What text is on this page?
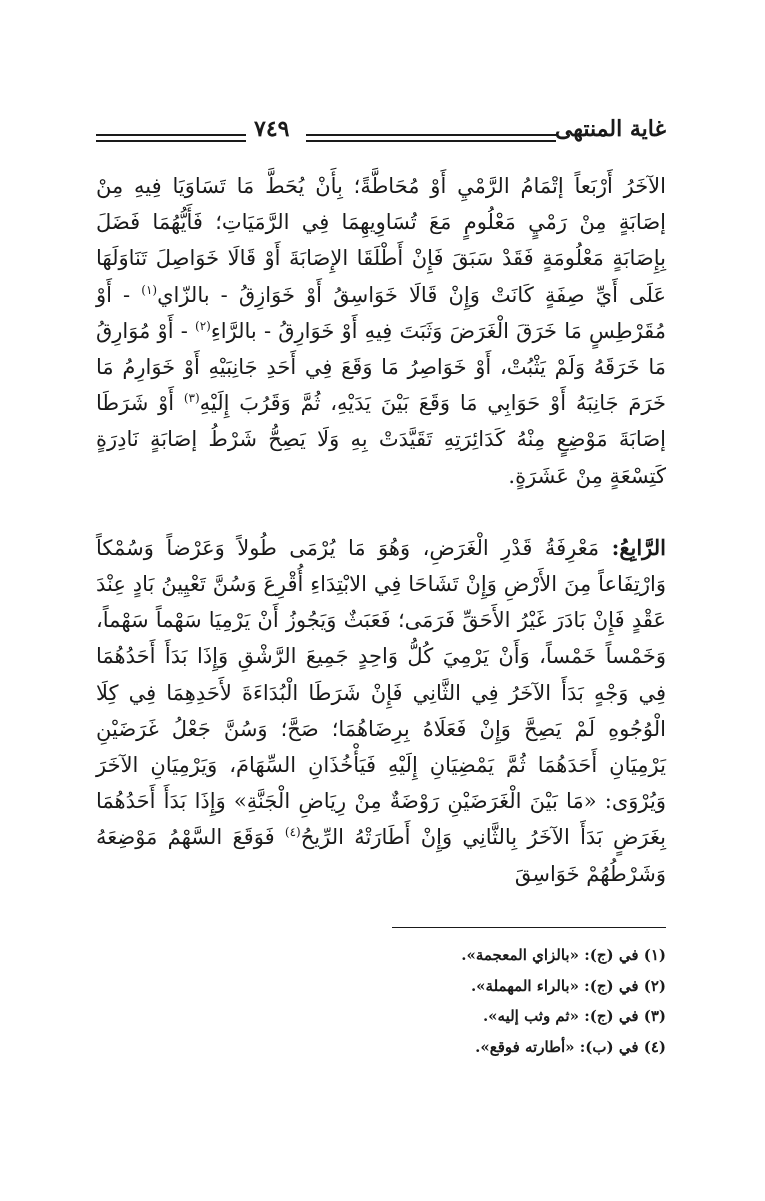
غاية المنتهى
٧٤٩

الآخَرُ أَرْبَعاً إتْمَامُ الرَّمْيِ أَوْ مُحَاطَّةً؛ بِأَنْ يُحَطَّ مَا تَسَاوَيَا فِيهِ مِنْ إصَابَةٍ مِنْ رَمْيٍ مَعْلُومٍ مَعَ تُسَاوِيهِمَا فِي الرَّمَيَاتِ؛ فَأَيُّهُمَا فَضَلَ بِإِصَابَةٍ مَعْلُومَةٍ فَقَدْ سَبَقَ فَإِنْ أَطْلَقَا الإِصَابَةَ أَوْ قَالَا خَوَاصِلَ تَنَاوَلَهَا عَلَى أَيِّ صِفَةٍ كَانَتْ وَإِنْ قَالَا خَوَاسِقُ أَوْ خَوَازِقُ - بالزّاي$^{(١)}$ - أَوْ مُقَرْطِسٍ مَا خَرَقَ الْغَرَضَ وَثَبَتَ فِيهِ أَوْ خَوَارِقُ - بالرَّاءِ$^{(٢)}$ - أَوْ مُوَارِقُ مَا خَرَقَهُ وَلَمْ يَثْبُتْ، أَوْ خَوَاصِرُ مَا وَقَعَ فِي أَحَدِ جَانِبَيْهِ أَوْ خَوَارِمُ مَا خَرَمَ جَانِبَهُ أَوْ حَوَابِي مَا وَقَعَ بَيْنَ يَدَيْهِ، ثُمَّ وَقَرُبَ إِلَيْهِ$^{(٣)}$ أَوْ شَرَطَا إصَابَةَ مَوْضِعٍ مِنْهُ كَدَائِرَتِهِ تَقَيَّدَتْ بِهِ وَلَا يَصِحُّ شَرْطُ إصَابَةٍ نَادِرَةٍ كَتِسْعَةٍ مِنْ عَشَرَةٍ.

الرَّابِعُ: مَعْرِفَةُ قَدْرِ الْغَرَضِ، وَهُوَ مَا يُرْمَى طُولاً وَعَرْضاً وَسُمْكاً وَارْتِفَاعاً مِنَ الأَرْضِ وَإِنْ تَشَاحَا فِي الابْتِدَاءِ أُقْرِعَ وَسُنَّ تَعْيِينُ بَادٍ عِنْدَ عَقْدٍ فَإِنْ بَادَرَ غَيْرُ الأَحَقِّ فَرَمَى؛ فَعَبَثٌ وَيَجُوزُ أَنْ يَرْمِيَا سَهْماً سَهْماً، وَخَمْساً خَمْساً، وَأَنْ يَرْمِيَ كُلُّ وَاحِدٍ جَمِيعَ الرَّشْقِ وَإِذَا بَدَأَ أَحَدُهُمَا فِي وَجْهٍ بَدَأَ الآخَرُ فِي الثَّانِي فَإِنْ شَرَطَا الْبُدَاءَةَ لأَحَدِهِمَا فِي كِلَا الْوُجُوهِ لَمْ يَصِحَّ وَإِنْ فَعَلَاهُ بِرِضَاهُمَا؛ صَحَّ؛ وَسُنَّ جَعْلُ غَرَضَيْنِ يَرْمِيَانِ أَحَدَهُمَا ثُمَّ يَمْضِيَانِ إِلَيْهِ فَيَأْخُذَانِ السِّهَامَ، وَيَرْمِيَانِ الآخَرَ وَيُرْوَى: «مَا بَيْنَ الْغَرَضَيْنِ رَوْضَةٌ مِنْ رِيَاضِ الْجَنَّةِ» وَإِذَا بَدَأَ أَحَدُهُمَا بِغَرَضٍ بَدَأَ الآخَرُ بِالثَّانِي وَإِنْ أَطَارَتْهُ الرِّيحُ$^{(٤)}$ فَوَقَعَ السَّهْمُ مَوْضِعَهُ وَشَرْطُهُمْ خَوَاسِقَ

(١) في (ج): «بالزاي المعجمة».

(٢) في (ج): «بالراء المهملة».

(٣) في (ج): «ثم وثب إليه».

(٤) في (ب): «أطارته فوقع».
